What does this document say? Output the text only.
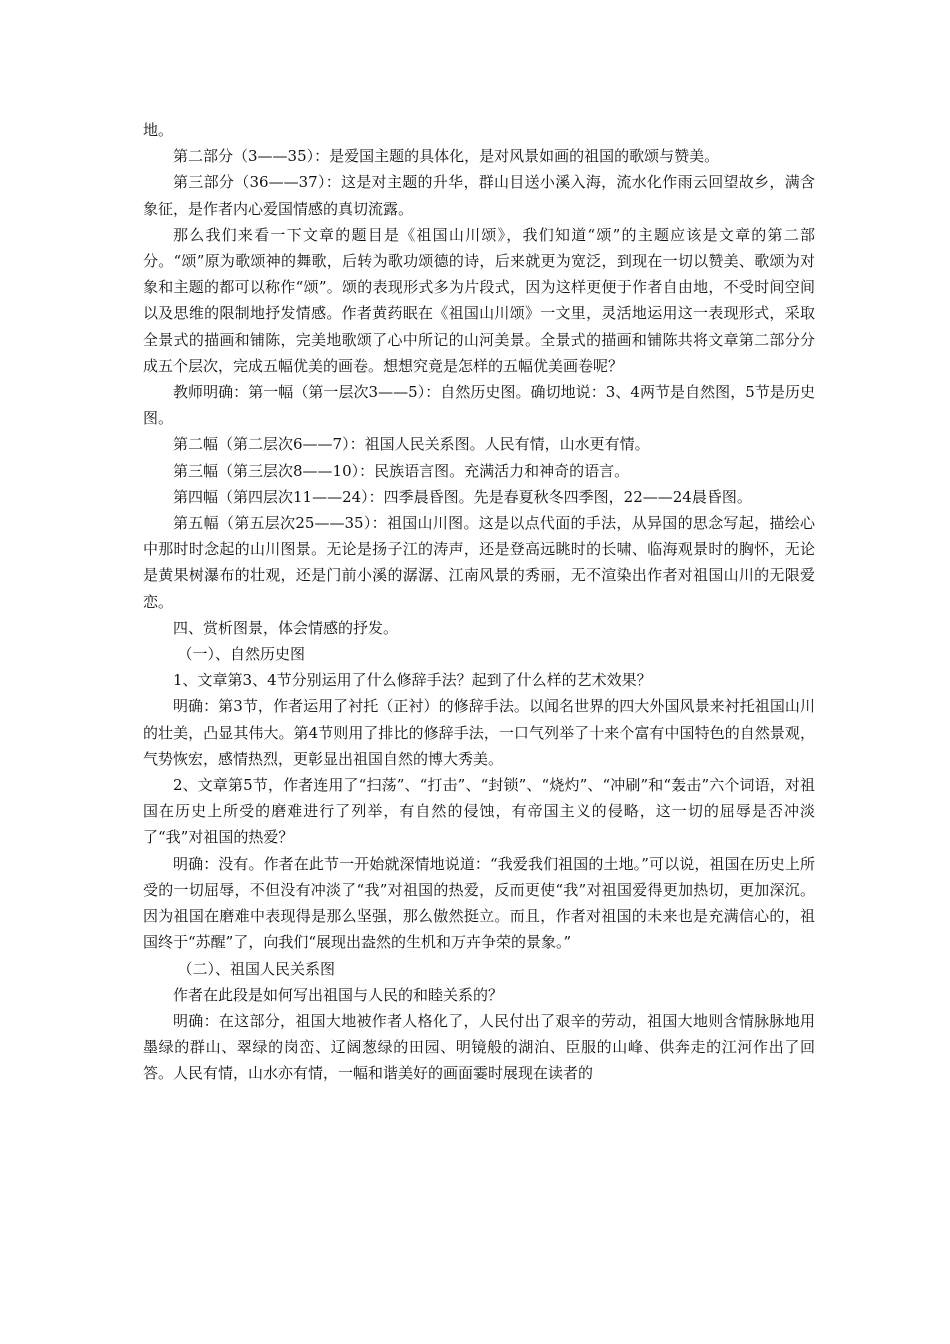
地。

第二部分（3——35）：是爱国主题的具体化，是对风景如画的祖国的歌颂与赞美。

第三部分（36——37）：这是对主题的升华，群山目送小溪入海，流水化作雨云回望故乡，满含象征，是作者内心爱国情感的真切流露。

那么我们来看一下文章的题目是《祖国山川颂》，我们知道“颂”的主题应该是文章的第二部分。“颂”原为歌颂神的舞歌，后转为歌功颂德的诗，后来就更为宽泛，到现在一切以赞美、歌颂为对象和主题的都可以称作“颂”。颂的表现形式多为片段式，因为这样更便于作者自由地，不受时间空间以及思维的限制地抒发情感。作者黄药眠在《祖国山川颂》一文里，灵活地运用这一表现形式，采取全景式的描画和铺陈，完美地歌颂了心中所记的山河美景。全景式的描画和铺陈共将文章第二部分分成五个层次，完成五幅优美的画卷。想想究竟是怎样的五幅优美画卷呢？

教师明确：第一幅（第一层次3——5）：自然历史图。确切地说：3、4两节是自然图，5节是历史图。

第二幅（第二层次6——7）：祖国人民关系图。人民有情，山水更有情。

第三幅（第三层次8——10）：民族语言图。充满活力和神奇的语言。

第四幅（第四层次11——24）：四季晨昏图。先是春夏秋冬四季图，22——24晨昏图。

第五幅（第五层次25——35）：祖国山川图。这是以点代面的手法，从异国的思念写起，描绘心中那时时念起的山川图景。无论是扬子江的涛声，还是登高远眺时的长啸、临海观景时的胸怀，无论是黄果树瀑布的壮观，还是门前小溪的潺潺、江南风景的秀丽，无不渲染出作者对祖国山川的无限爱恋。

四、赏析图景，体会情感的抒发。

（一）、自然历史图

1、文章第3、4节分别运用了什么修辞手法？起到了什么样的艺术效果？

明确：第3节，作者运用了衬托（正衬）的修辞手法。以闻名世界的四大外国风景来衬托祖国山川的壮美，凸显其伟大。第4节则用了排比的修辞手法，一口气列举了十来个富有中国特色的自然景观，气势恢宏，感情热烈，更彰显出祖国自然的博大秀美。

2、文章第5节，作者连用了“扫荡”、“打击”、“封锁”、“烧灼”、“冲刷”和“轰击”六个词语，对祖国在历史上所受的磨难进行了列举，有自然的侵蚀，有帝国主义的侵略，这一切的屈辱是否冲淡了“我”对祖国的热爱？

明确：没有。作者在此节一开始就深情地说道：“我爱我们祖国的土地。”可以说，祖国在历史上所受的一切屈辱，不但没有冲淡了“我”对祖国的热爱，反而更使“我”对祖国爱得更加热切，更加深沉。因为祖国在磨难中表现得是那么坚强，那么傲然挺立。而且，作者对祖国的未来也是充满信心的，祖国终于“苏醒”了，向我们“展现出盎然的生机和万卉争荣的景象。”

（二）、祖国人民关系图

作者在此段是如何写出祖国与人民的和睦关系的？

明确：在这部分，祖国大地被作者人格化了，人民付出了艰辛的劳动，祖国大地则含情脉脉地用墨绿的群山、翠绿的岗峦、辽阔葱绿的田园、明镜般的湖泊、臣服的山峰、供奔走的江河作出了回答。人民有情，山水亦有情，一幅和谐美好的画面霎时展现在读者的
